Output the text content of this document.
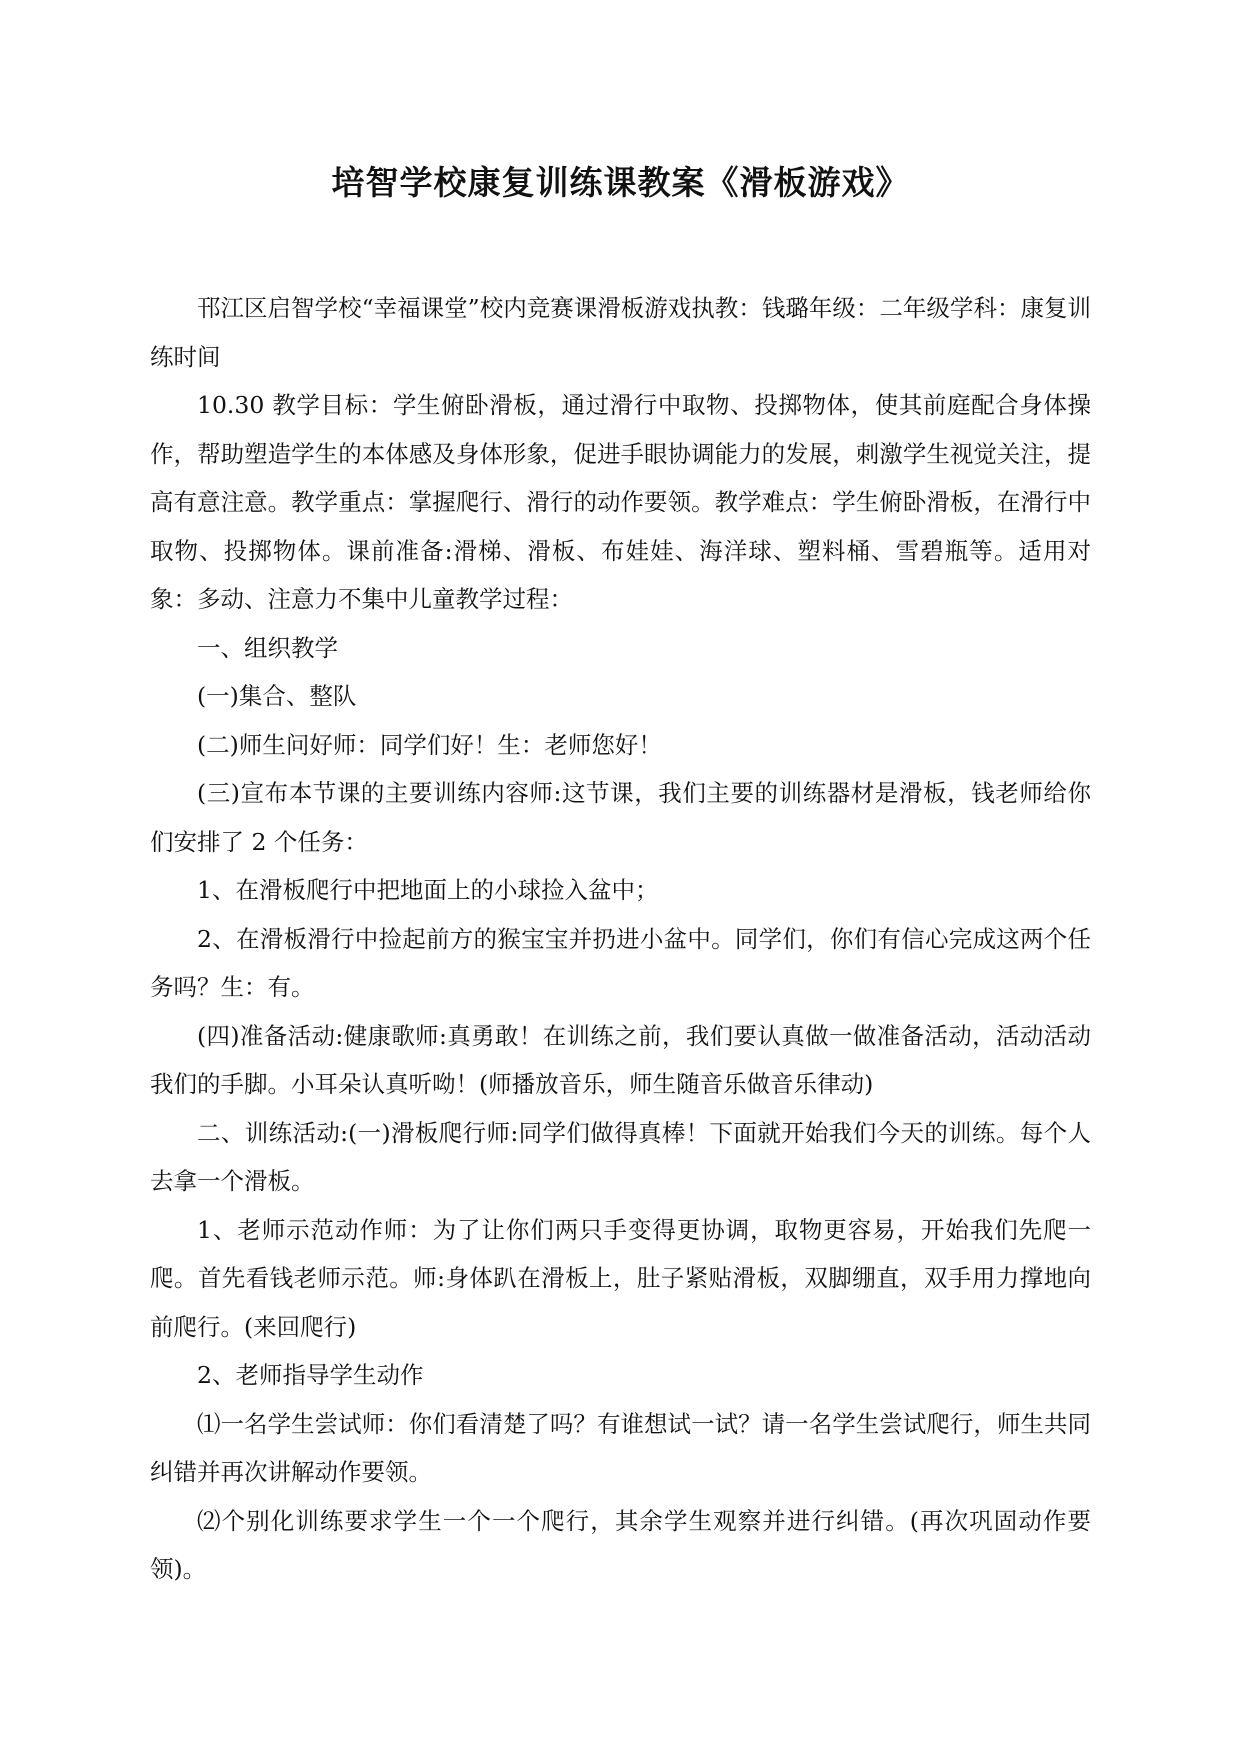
培智学校康复训练课教案《滑板游戏》

邗江区启智学校“幸福课堂”校内竞赛课滑板游戏执教：钱璐年级：二年级学科：康复训练时间

10.30 教学目标：学生俯卧滑板，通过滑行中取物、投掷物体，使其前庭配合身体操作，帮助塑造学生的本体感及身体形象，促进手眼协调能力的发展，刺激学生视觉关注，提高有意注意。教学重点：掌握爬行、滑行的动作要领。教学难点：学生俯卧滑板，在滑行中取物、投掷物体。课前准备:滑梯、滑板、布娃娃、海洋球、塑料桶、雪碧瓶等。适用对象：多动、注意力不集中儿童教学过程：

一、组织教学

(一)集合、整队

(二)师生问好师：同学们好！生：老师您好！

(三)宣布本节课的主要训练内容师:这节课，我们主要的训练器材是滑板，钱老师给你们安排了 2 个任务：

1、在滑板爬行中把地面上的小球捡入盆中；

2、在滑板滑行中捡起前方的猴宝宝并扔进小盆中。同学们，你们有信心完成这两个任务吗？生：有。

(四)准备活动:健康歌师:真勇敢！在训练之前，我们要认真做一做准备活动，活动活动我们的手脚。小耳朵认真听呦！(师播放音乐，师生随音乐做音乐律动)

二、训练活动:(一)滑板爬行师:同学们做得真棒！下面就开始我们今天的训练。每个人去拿一个滑板。

1、老师示范动作师：为了让你们两只手变得更协调，取物更容易，开始我们先爬一爬。首先看钱老师示范。师:身体趴在滑板上，肚子紧贴滑板，双脚绷直，双手用力撑地向前爬行。(来回爬行)

2、老师指导学生动作

⑴一名学生尝试师：你们看清楚了吗？有谁想试一试？请一名学生尝试爬行，师生共同纠错并再次讲解动作要领。

⑵个别化训练要求学生一个一个爬行，其余学生观察并进行纠错。(再次巩固动作要领)。
